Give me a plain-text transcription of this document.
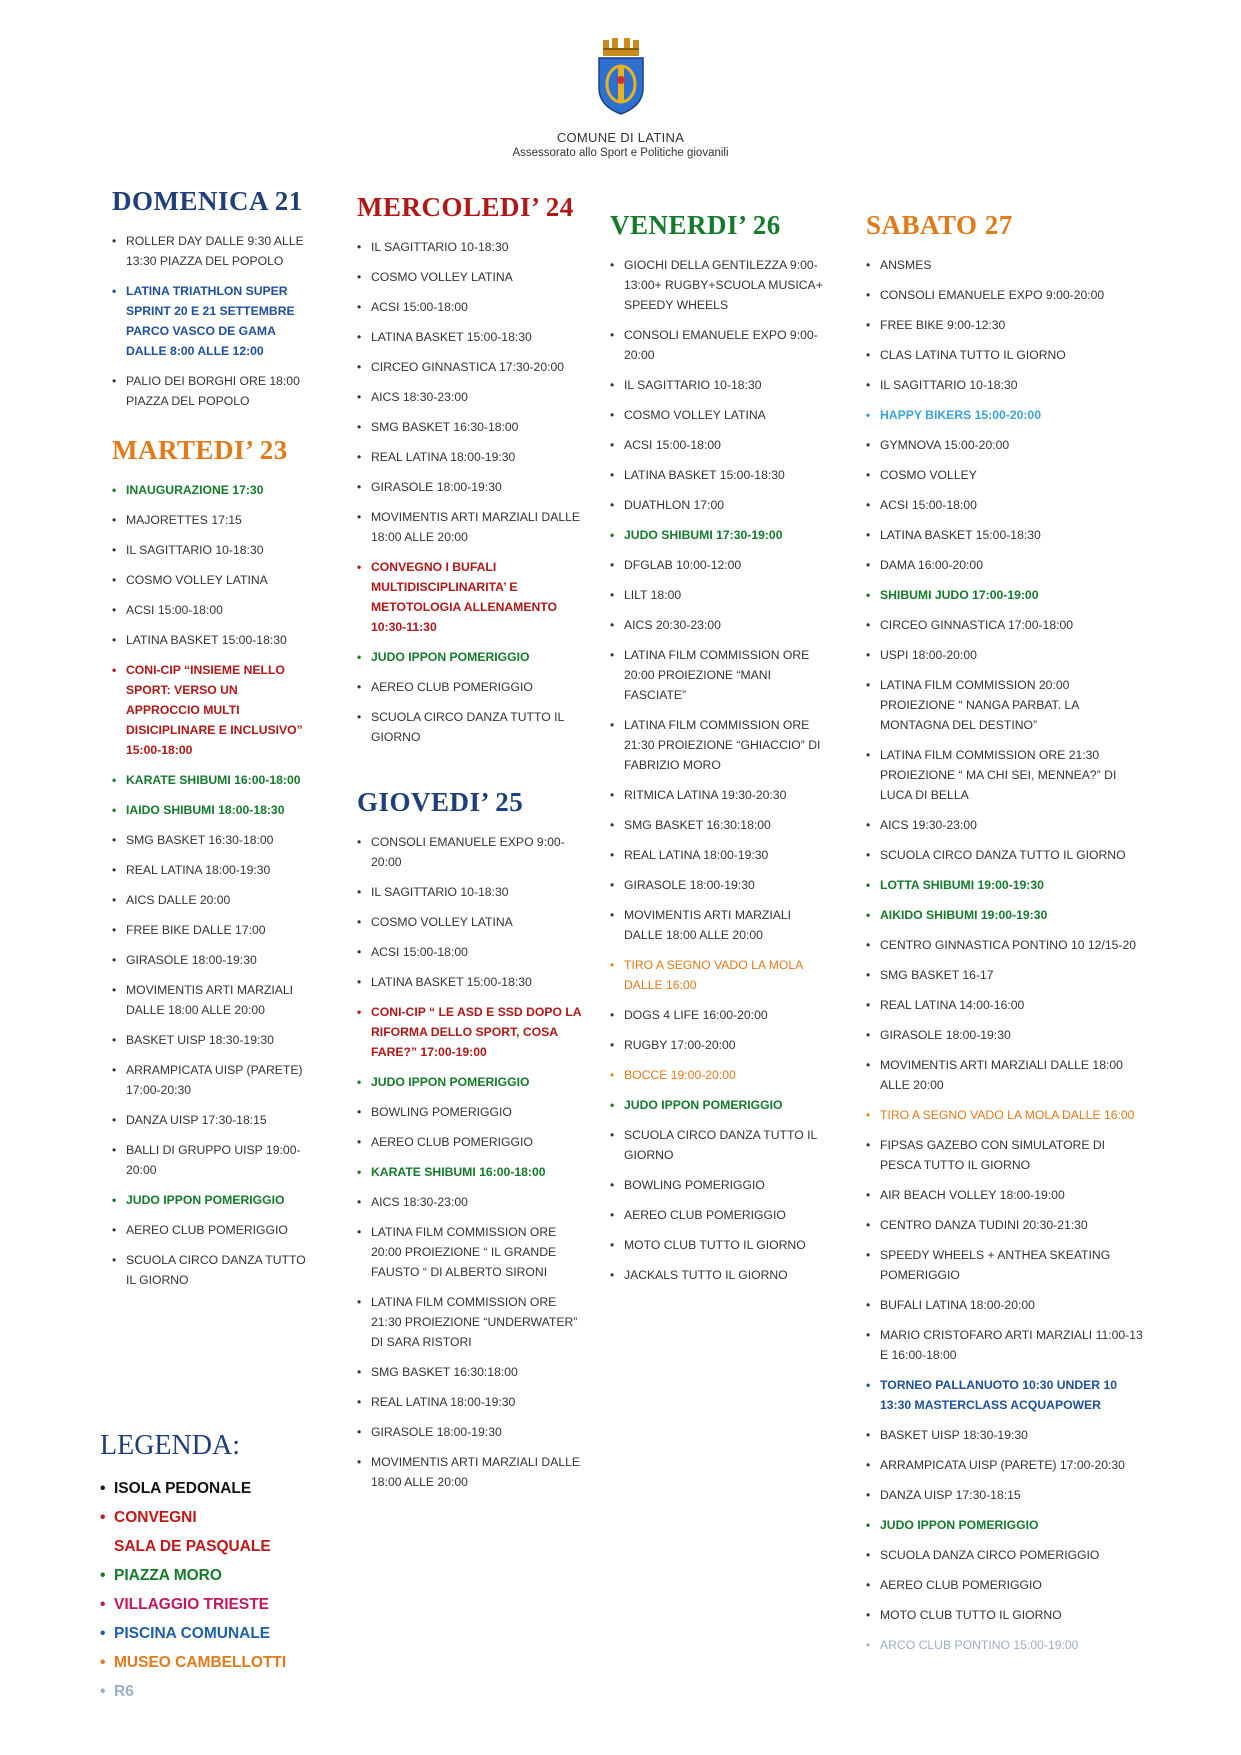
COMUNE DI LATINA
Assessorato allo Sport e Politiche giovanili
DOMENICA 21
• ROLLER DAY DALLE 9:30 ALLE 13:30 PIAZZA DEL POPOLO
• LATINA TRIATHLON SUPER SPRINT 20 E 21 SETTEMBRE PARCO VASCO DE GAMA DALLE 8:00 ALLE 12:00
• PALIO DEI BORGHI ORE 18:00 PIAZZA DEL POPOLO
MARTEDI’ 23
• INAUGURAZIONE 17:30
• MAJORETTES 17:15
• IL SAGITTARIO 10-18:30
• COSMO VOLLEY LATINA
• ACSI 15:00-18:00
• LATINA BASKET 15:00-18:30
• CONI-CIP “INSIEME NELLO SPORT: VERSO UN APPROCCIO MULTI DISICIPLINARE E INCLUSIVO” 15:00-18:00
• KARATE SHIBUMI 16:00-18:00
• IAIDO SHIBUMI 18:00-18:30
• SMG BASKET 16:30-18:00
• REAL LATINA 18:00-19:30
• AICS DALLE 20:00
• FREE BIKE DALLE 17:00
• GIRASOLE 18:00-19:30
• MOVIMENTIS ARTI MARZIALI DALLE 18:00 ALLE 20:00
• BASKET UISP 18:30-19:30
• ARRAMPICATA UISP (PARETE) 17:00-20:30
• DANZA UISP 17:30-18:15
• BALLI DI GRUPPO UISP 19:00-20:00
• JUDO IPPON POMERIGGIO
• AEREO CLUB POMERIGGIO
• SCUOLA CIRCO DANZA TUTTO IL GIORNO
MERCOLEDI’ 24
• IL SAGITTARIO 10-18:30
• COSMO VOLLEY LATINA
• ACSI 15:00-18:00
• LATINA BASKET 15:00-18:30
• CIRCEO GINNASTICA 17:30-20:00
• AICS 18:30-23:00
• SMG BASKET 16:30-18:00
• REAL LATINA 18:00-19:30
• GIRASOLE 18:00-19:30
• MOVIMENTIS ARTI MARZIALI DALLE 18:00 ALLE 20:00
• CONVEGNO I BUFALI MULTIDISCIPLINARITA’ E METOTOLOGIA ALLENAMENTO 10:30-11:30
• JUDO IPPON POMERIGGIO
• AEREO CLUB POMERIGGIO
• SCUOLA CIRCO DANZA TUTTO IL GIORNO
GIOVEDI’ 25
• CONSOLI EMANUELE EXPO 9:00-20:00
• IL SAGITTARIO 10-18:30
• COSMO VOLLEY LATINA
• ACSI 15:00-18:00
• LATINA BASKET 15:00-18:30
• CONI-CIP “ LE ASD E SSD DOPO LA RIFORMA DELLO SPORT, COSA FARE?” 17:00-19:00
• JUDO IPPON POMERIGGIO
• BOWLING POMERIGGIO
• AEREO CLUB POMERIGGIO
• KARATE SHIBUMI 16:00-18:00
• AICS 18:30-23:00
• LATINA FILM COMMISSION ORE 20:00 PROIEZIONE “ IL GRANDE FAUSTO “ DI ALBERTO SIRONI
• LATINA FILM COMMISSION ORE 21:30 PROIEZIONE “UNDERWATER” DI SARA RISTORI
• SMG BASKET 16:30:18:00
• REAL LATINA 18:00-19:30
• GIRASOLE 18:00-19:30
• MOVIMENTIS ARTI MARZIALI DALLE 18:00 ALLE 20:00
VENERDI’ 26
• GIOCHI DELLA GENTILEZZA 9:00-13:00+ RUGBY+SCUOLA MUSICA+ SPEEDY WHEELS
• CONSOLI EMANUELE EXPO 9:00-20:00
• IL SAGITTARIO 10-18:30
• COSMO VOLLEY LATINA
• ACSI 15:00-18:00
• LATINA BASKET 15:00-18:30
• DUATHLON 17:00
• JUDO SHIBUMI 17:30-19:00
• DFGLAB 10:00-12:00
• LILT 18:00
• AICS 20:30-23:00
• LATINA FILM COMMISSION ORE 20:00 PROIEZIONE “MANI FASCIATE”
• LATINA FILM COMMISSION ORE 21:30 PROIEZIONE “GHIACCIO” DI FABRIZIO MORO
• RITMICA LATINA 19:30-20:30
• SMG BASKET 16:30:18:00
• REAL LATINA 18:00-19:30
• GIRASOLE 18:00-19:30
• MOVIMENTIS ARTI MARZIALI DALLE 18:00 ALLE 20:00
• TIRO A SEGNO VADO LA MOLA DALLE 16:00
• DOGS 4 LIFE 16:00-20:00
• RUGBY 17:00-20:00
• BOCCE 19:00-20:00
• JUDO IPPON POMERIGGIO
• SCUOLA CIRCO DANZA TUTTO IL GIORNO
• BOWLING POMERIGGIO
• AEREO CLUB POMERIGGIO
• MOTO CLUB TUTTO IL GIORNO
• JACKALS TUTTO IL GIORNO
SABATO 27
• ANSMES
• CONSOLI EMANUELE EXPO 9:00-20:00
• FREE BIKE 9:00-12:30
• CLAS LATINA TUTTO IL GIORNO
• IL SAGITTARIO 10-18:30
• HAPPY BIKERS 15:00-20:00
• GYMNOVA 15:00-20:00
• COSMO VOLLEY
• ACSI 15:00-18:00
• LATINA BASKET 15:00-18:30
• DAMA 16:00-20:00
• SHIBUMI JUDO 17:00-19:00
• CIRCEO GINNASTICA 17:00-18:00
• USPI 18:00-20:00
• LATINA FILM COMMISSION 20:00 PROIEZIONE “ NANGA PARBAT. LA MONTAGNA DEL DESTINO”
• LATINA FILM COMMISSION ORE 21:30 PROIEZIONE “ MA CHI SEI, MENNEA?” DI LUCA DI BELLA
• AICS 19:30-23:00
• SCUOLA CIRCO DANZA TUTTO IL GIORNO
• LOTTA SHIBUMI 19:00-19:30
• AIKIDO SHIBUMI 19:00-19:30
• CENTRO GINNASTICA PONTINO 10 12/15-20
• SMG BASKET 16-17
• REAL LATINA 14:00-16:00
• GIRASOLE 18:00-19:30
• MOVIMENTIS ARTI MARZIALI DALLE 18:00 ALLE 20:00
• TIRO A SEGNO VADO LA MOLA DALLE 16:00
• FIPSAS GAZEBO CON SIMULATORE DI PESCA TUTTO IL GIORNO
• AIR BEACH VOLLEY 18:00-19:00
• CENTRO DANZA TUDINI 20:30-21:30
• SPEEDY WHEELS + ANTHEA SKEATING POMERIGGIO
• BUFALI LATINA 18:00-20:00
• MARIO CRISTOFARO ARTI MARZIALI 11:00-13 E 16:00-18:00
• TORNEO PALLANUOTO 10:30 UNDER 10 13:30 MASTERCLASS ACQUAPOWER
• BASKET UISP 18:30-19:30
• ARRAMPICATA UISP (PARETE) 17:00-20:30
• DANZA UISP 17:30-18:15
• JUDO IPPON POMERIGGIO
• SCUOLA DANZA CIRCO POMERIGGIO
• AEREO CLUB POMERIGGIO
• MOTO CLUB TUTTO IL GIORNO
• ARCO CLUB PONTINO 15:00-19:00
LEGENDA:
• ISOLA PEDONALE
• CONVEGNI
SALA DE PASQUALE
• PIAZZA MORO
• VILLAGGIO TRIESTE
• PISCINA COMUNALE
• MUSEO CAMBELLOTTI
• R6
